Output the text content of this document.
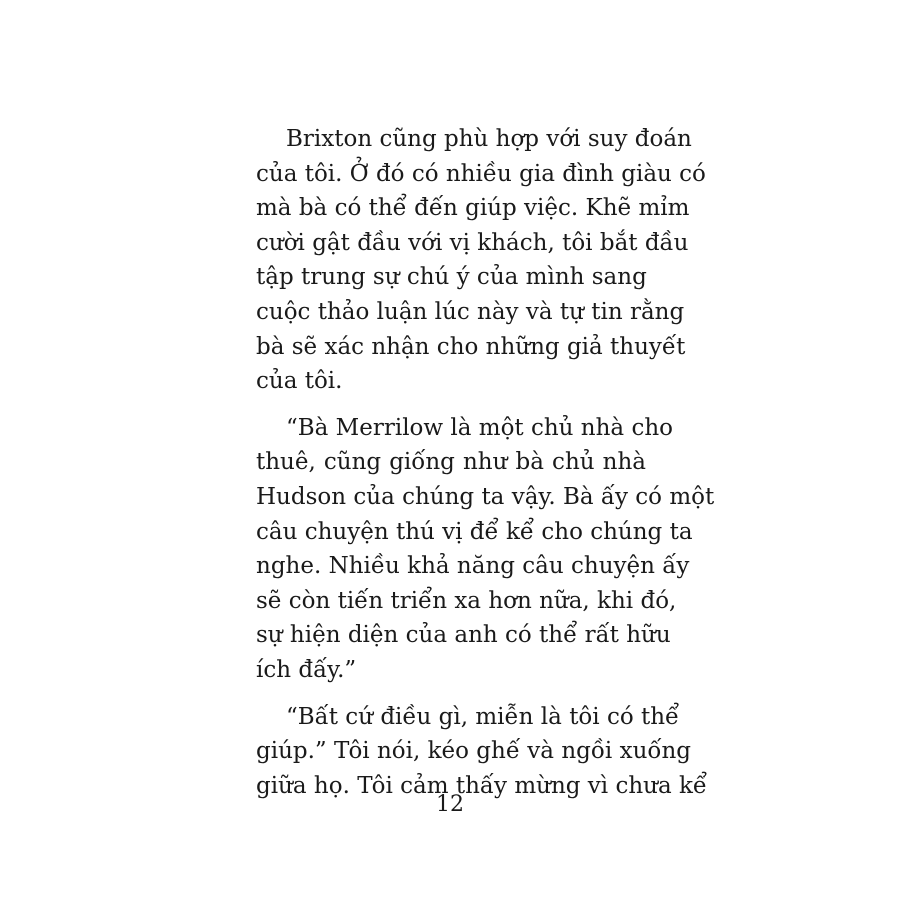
Brixton cũng phù hợp với suy đoán
của tôi. Ở đó có nhiều gia đình giàu có
mà bà có thể đến giúp việc. Khẽ mỉm
cười gật đầu với vị khách, tôi bắt đầu
tập trung sự chú ý của mình sang
cuộc thảo luận lúc này và tự tin rằng
bà sẽ xác nhận cho những giả thuyết
của tôi.
“Bà Merrilow là một chủ nhà cho
thuê, cũng giống như bà chủ nhà
Hudson của chúng ta vậy. Bà ấy có một
câu chuyện thú vị để kể cho chúng ta
nghe. Nhiều khả năng câu chuyện ấy
sẽ còn tiến triển xa hơn nữa, khi đó,
sự hiện diện của anh có thể rất hữu
ích đấy.”
“Bất cứ điều gì, miễn là tôi có thể
giúp.” Tôi nói, kéo ghế và ngồi xuống
giữa họ. Tôi cảm thấy mừng vì chưa kể
12
